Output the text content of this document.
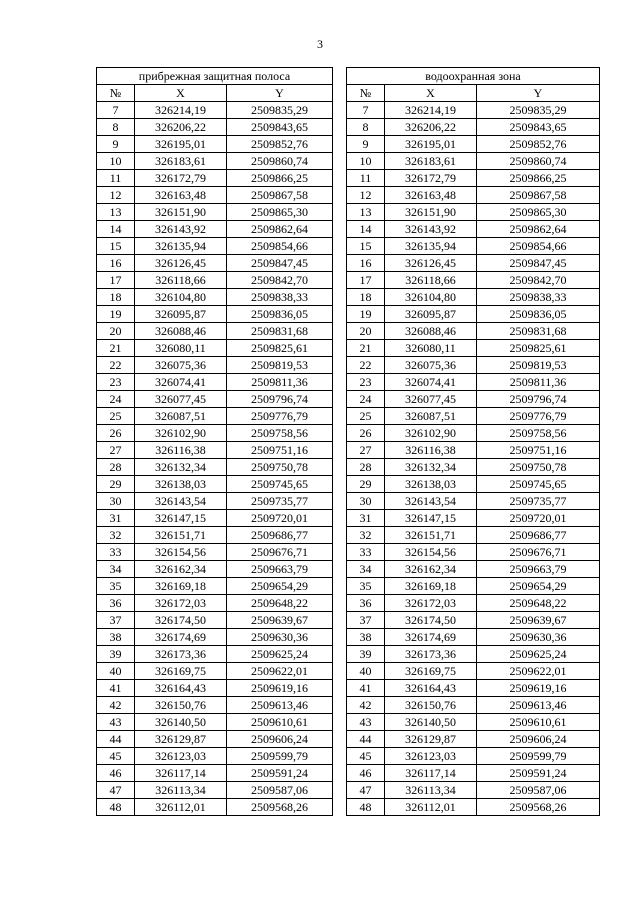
3
прибрежная защитная полоса				водоохранная зона		
№	X	Y		№	X	Y
7	326214,19	2509835,29		7	326214,19	2509835,29
8	326206,22	2509843,65		8	326206,22	2509843,65
9	326195,01	2509852,76		9	326195,01	2509852,76
10	326183,61	2509860,74		10	326183,61	2509860,74
11	326172,79	2509866,25		11	326172,79	2509866,25
12	326163,48	2509867,58		12	326163,48	2509867,58
13	326151,90	2509865,30		13	326151,90	2509865,30
14	326143,92	2509862,64		14	326143,92	2509862,64
15	326135,94	2509854,66		15	326135,94	2509854,66
16	326126,45	2509847,45		16	326126,45	2509847,45
17	326118,66	2509842,70		17	326118,66	2509842,70
18	326104,80	2509838,33		18	326104,80	2509838,33
19	326095,87	2509836,05		19	326095,87	2509836,05
20	326088,46	2509831,68		20	326088,46	2509831,68
21	326080,11	2509825,61		21	326080,11	2509825,61
22	326075,36	2509819,53		22	326075,36	2509819,53
23	326074,41	2509811,36		23	326074,41	2509811,36
24	326077,45	2509796,74		24	326077,45	2509796,74
25	326087,51	2509776,79		25	326087,51	2509776,79
26	326102,90	2509758,56		26	326102,90	2509758,56
27	326116,38	2509751,16		27	326116,38	2509751,16
28	326132,34	2509750,78		28	326132,34	2509750,78
29	326138,03	2509745,65		29	326138,03	2509745,65
30	326143,54	2509735,77		30	326143,54	2509735,77
31	326147,15	2509720,01		31	326147,15	2509720,01
32	326151,71	2509686,77		32	326151,71	2509686,77
33	326154,56	2509676,71		33	326154,56	2509676,71
34	326162,34	2509663,79		34	326162,34	2509663,79
35	326169,18	2509654,29		35	326169,18	2509654,29
36	326172,03	2509648,22		36	326172,03	2509648,22
37	326174,50	2509639,67		37	326174,50	2509639,67
38	326174,69	2509630,36		38	326174,69	2509630,36
39	326173,36	2509625,24		39	326173,36	2509625,24
40	326169,75	2509622,01		40	326169,75	2509622,01
41	326164,43	2509619,16		41	326164,43	2509619,16
42	326150,76	2509613,46		42	326150,76	2509613,46
43	326140,50	2509610,61		43	326140,50	2509610,61
44	326129,87	2509606,24		44	326129,87	2509606,24
45	326123,03	2509599,79		45	326123,03	2509599,79
46	326117,14	2509591,24		46	326117,14	2509591,24
47	326113,34	2509587,06		47	326113,34	2509587,06
48	326112,01	2509568,26		48	326112,01	2509568,26
